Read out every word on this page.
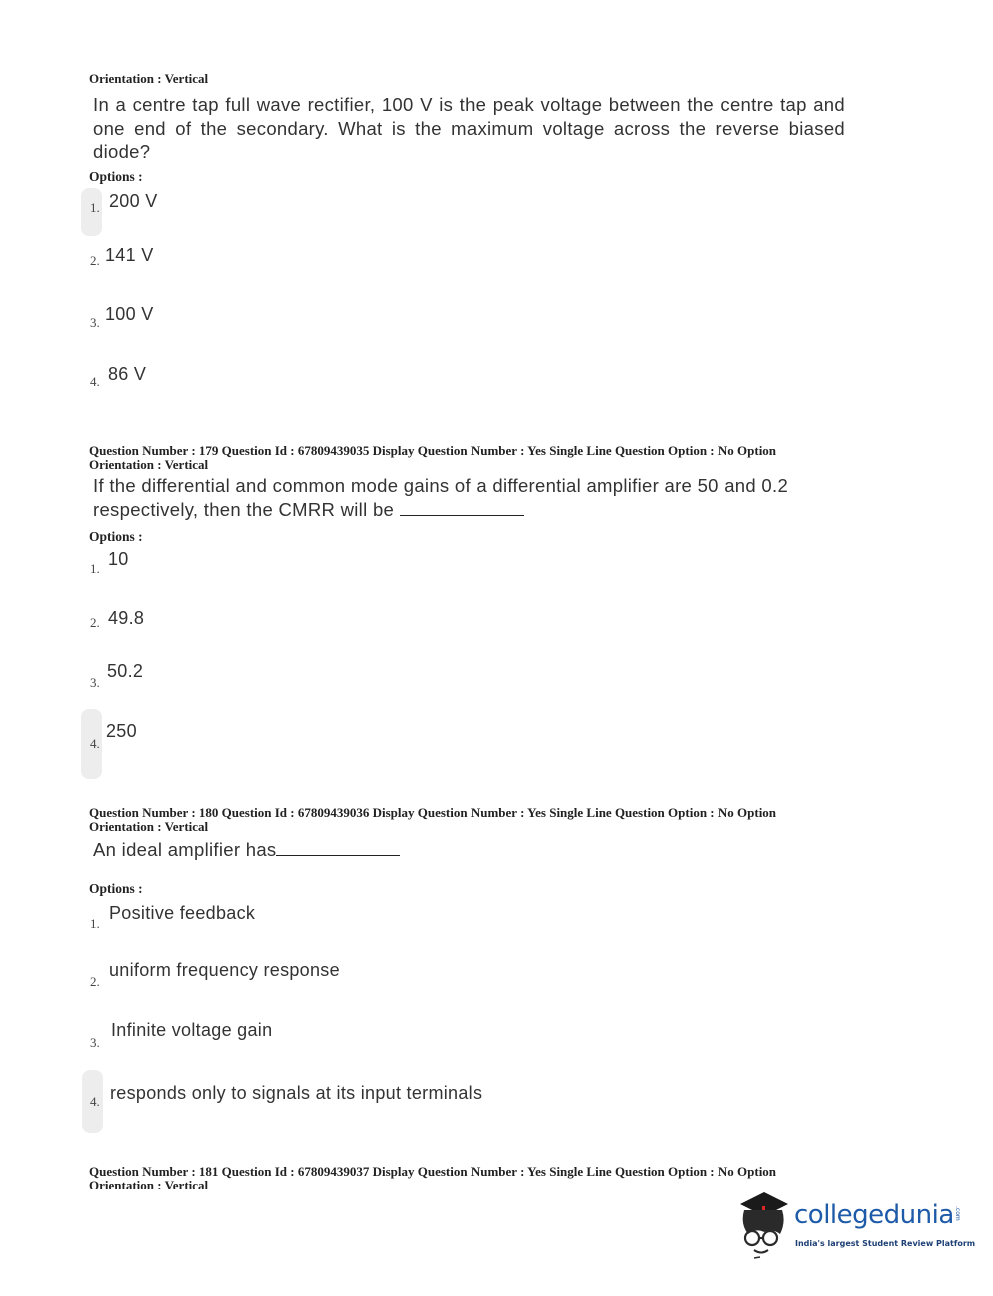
Orientation : Vertical
In a centre tap full wave rectifier, 100 V is the peak voltage between the centre tap and one end of the secondary. What is the maximum voltage across the reverse biased diode?
Options :
1. 200 V
2. 141 V
3. 100 V
4. 86 V
Question Number : 179 Question Id : 67809439035 Display Question Number : Yes Single Line Question Option : No Option
Orientation : Vertical
If the differential and common mode gains of a differential amplifier are 50 and 0.2 respectively, then the CMRR will be
Options :
1. 10
2. 49.8
3.
50.2
4.
250
Question Number : 180 Question Id : 67809439036 Display Question Number : Yes Single Line Question Option : No Option
Orientation : Vertical
An ideal amplifier has
Options :
1.
Positive feedback
2.
uniform frequency response
3.
Infinite voltage gain
4. responds only to signals at its input terminals
Question Number : 181 Question Id : 67809439037 Display Question Number : Yes Single Line Question Option : No Option
Orientation : Vertical
collegedunia .com
India's largest Student Review Platform
